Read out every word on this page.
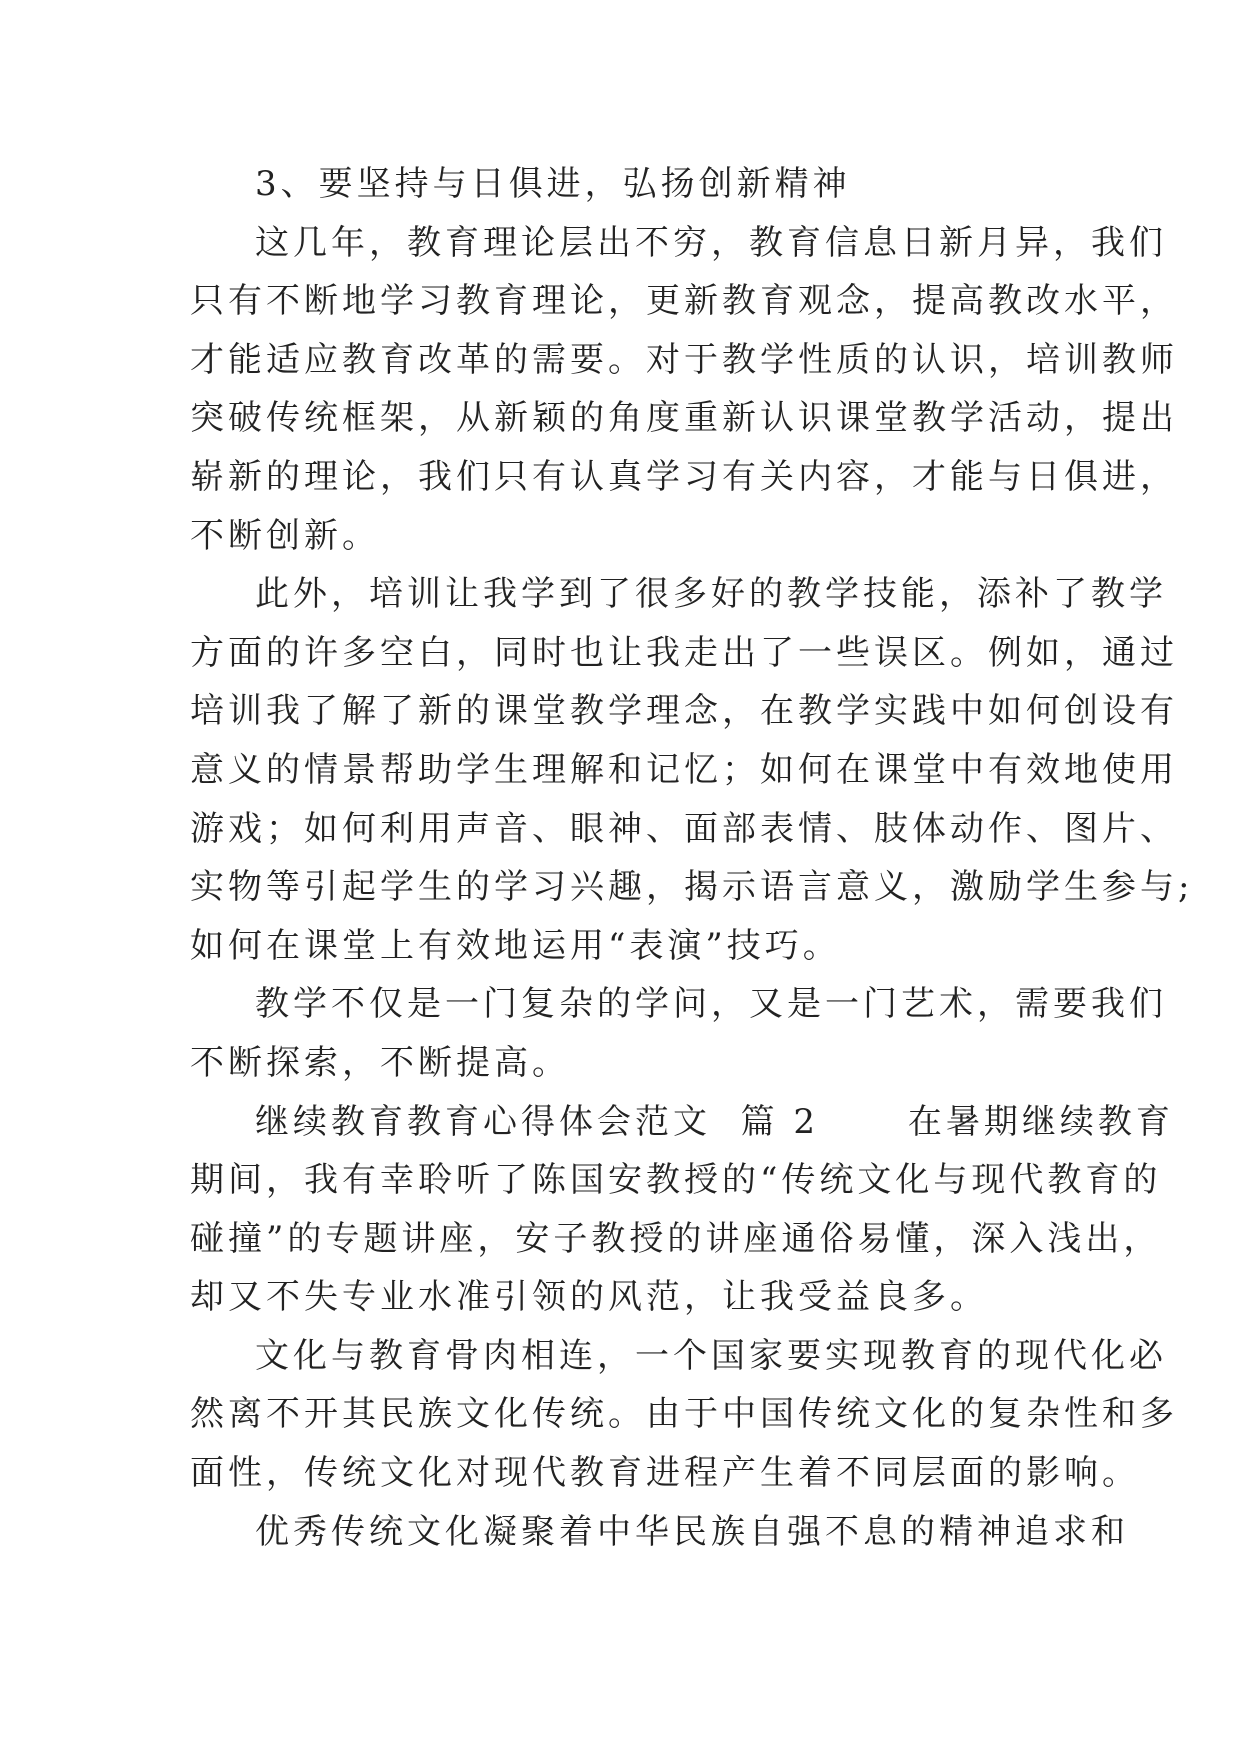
3、要坚持与日俱进，弘扬创新精神
这几年，教育理论层出不穷，教育信息日新月异，我们
只有不断地学习教育理论，更新教育观念，提高教改水平，
才能适应教育改革的需要。对于教学性质的认识，培训教师
突破传统框架，从新颖的角度重新认识课堂教学活动，提出
崭新的理论，我们只有认真学习有关内容，才能与日俱进，
不断创新。
此外，培训让我学到了很多好的教学技能，添补了教学
方面的许多空白，同时也让我走出了一些误区。例如，通过
培训我了解了新的课堂教学理念，在教学实践中如何创设有
意义的情景帮助学生理解和记忆；如何在课堂中有效地使用
游戏；如何利用声音、眼神、面部表情、肢体动作、图片、
实物等引起学生的学习兴趣，揭示语言意义，激励学生参与;
如何在课堂上有效地运用“表演”技巧。
教学不仅是一门复杂的学问，又是一门艺术，需要我们
不断探索，不断提高。
继续教育教育心得体会范文  篇 2      在暑期继续教育
期间，我有幸聆听了陈国安教授的“传统文化与现代教育的
碰撞”的专题讲座，安子教授的讲座通俗易懂，深入浅出，
却又不失专业水准引领的风范，让我受益良多。
文化与教育骨肉相连，一个国家要实现教育的现代化必
然离不开其民族文化传统。由于中国传统文化的复杂性和多
面性，传统文化对现代教育进程产生着不同层面的影响。
优秀传统文化凝聚着中华民族自强不息的精神追求和
